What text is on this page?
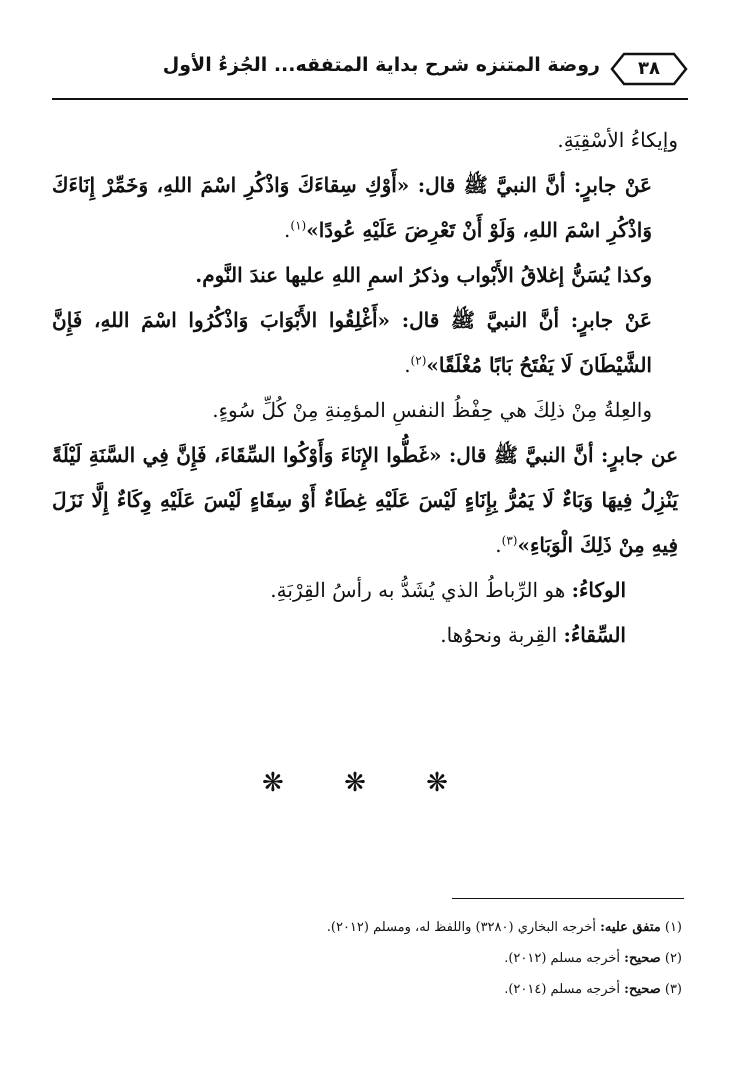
روضة المتنزه شرح بداية المتفقه... الجُزءُ الأول	٣٨

وإيكاءُ الأسْقِيَةِ.

عَنْ جابرٍ: أنَّ النبيَّ ﷺ قال: «أَوْكِ سِقاءَكَ وَاذْكُرِ اسْمَ اللهِ، وَخَمِّرْ إِنَاءَكَ وَاذْكُرِ اسْمَ اللهِ، وَلَوْ أَنْ تَعْرِضَ عَلَيْهِ عُودًا»$^{(١)}$.

وكذا يُسَنُّ إغلاقُ الأَبْواب وذكرُ اسمِ اللهِ عليها عندَ النَّوم.

عَنْ جابرٍ: أنَّ النبيَّ ﷺ قال: «أَغْلِقُوا الأَبْوَابَ وَاذْكُرُوا اسْمَ اللهِ، فَإِنَّ الشَّيْطَانَ لَا يَفْتَحُ بَابًا مُغْلَقًا»$^{(٢)}$.

والعِلةُ مِنْ ذلِكَ هي حِفْظُ النفسِ المؤمِنةِ مِنْ كُلِّ سُوءٍ.

عن جابرٍ: أنَّ النبيَّ ﷺ قال: «غَطُّوا الإِنَاءَ وَأَوْكُوا السِّقَاءَ، فَإِنَّ فِي السَّنَةِ لَيْلَةً يَنْزِلُ فِيهَا وَبَاءٌ لَا يَمُرُّ بِإِنَاءٍ لَيْسَ عَلَيْهِ غِطَاءٌ أَوْ سِقَاءٍ لَيْسَ عَلَيْهِ وِكَاءٌ إِلَّا نَزَلَ فِيهِ مِنْ ذَلِكَ الْوَبَاءِ»$^{(٣)}$.

الوكاءُ: هو الرِّباطُ الذي يُشَدُّ به رأسُ القِرْبَةِ.

السِّقاءُ: القِربة ونحوُها.

❋ ❋ ❋

(١) متفق عليه: أخرجه البخاري (٣٢٨٠) واللفظ له، ومسلم (٢٠١٢).

(٢) صحيح: أخرجه مسلم (٢٠١٢).

(٣) صحيح: أخرجه مسلم (٢٠١٤).
